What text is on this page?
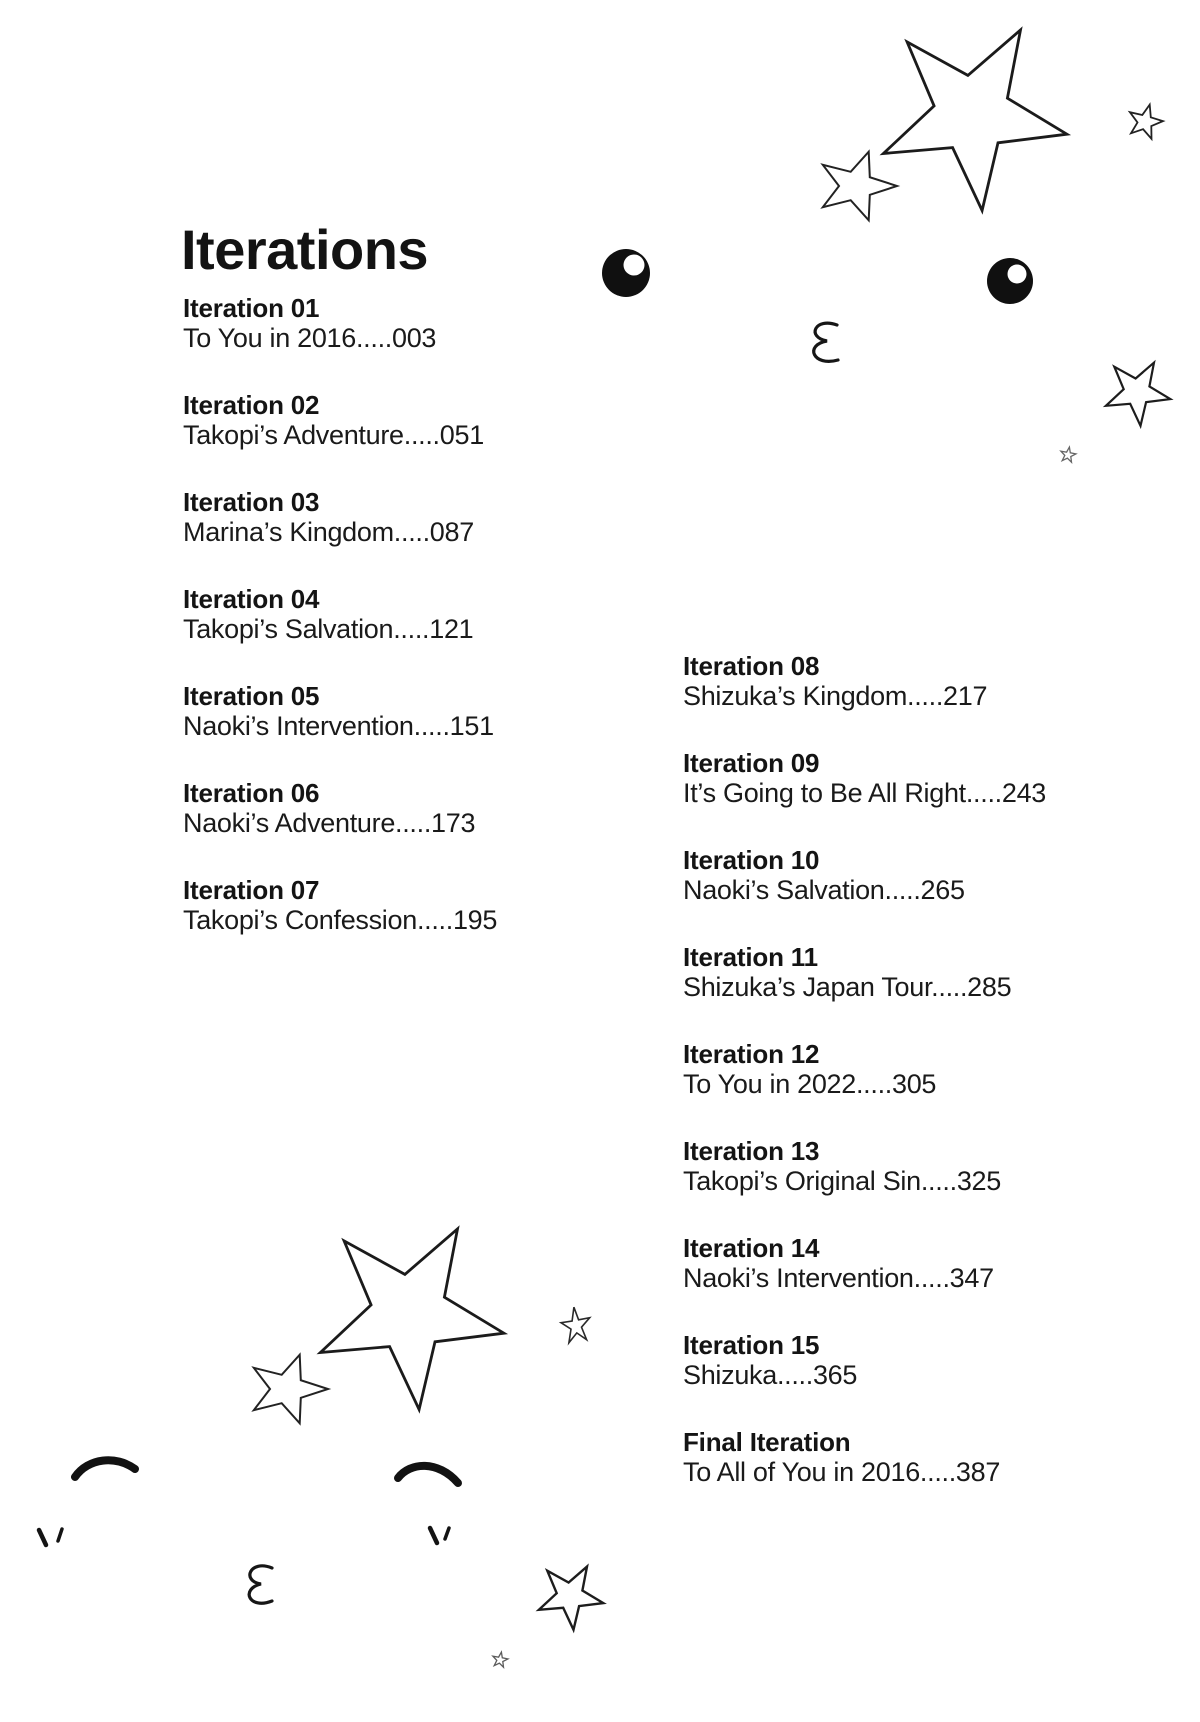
Iterations
Iteration 01
To You in 2016.....003
Iteration 02
Takopi’s Adventure.....051
Iteration 03
Marina’s Kingdom.....087
Iteration 04
Takopi’s Salvation.....121
Iteration 05
Naoki’s Intervention.....151
Iteration 06
Naoki’s Adventure.....173
Iteration 07
Takopi’s Confession.....195
Iteration 08
Shizuka’s Kingdom.....217
Iteration 09
It’s Going to Be All Right.....243
Iteration 10
Naoki’s Salvation.....265
Iteration 11
Shizuka’s Japan Tour.....285
Iteration 12
To You in 2022.....305
Iteration 13
Takopi’s Original Sin.....325
Iteration 14
Naoki’s Intervention.....347
Iteration 15
Shizuka.....365
Final Iteration
To All of You in 2016.....387
